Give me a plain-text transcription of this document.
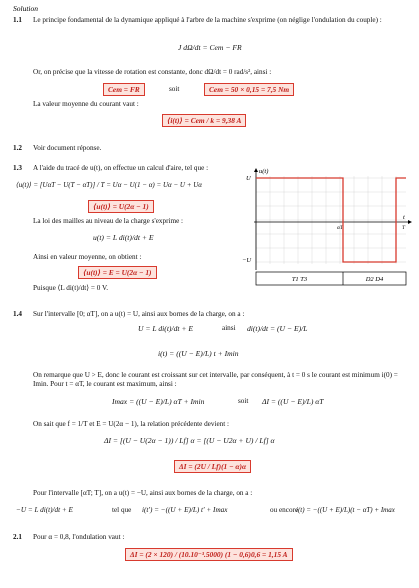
Solution
1.1 Le principe fondamental de la dynamique appliqué à l'arbre de la machine s'exprime (on néglige l'ondulation du couple) :
J dΩ/dt = Cem − FR
Or, on précise que la vitesse de rotation est constante, donc dΩ/dt = 0 rad/s², ainsi :
Cem = FR	soit	Cem = 50 × 0,15 = 7,5 Nm
La valeur moyenne du courant vaut :
⟨i(t)⟩ = Cem / k = 9,38 A
1.2 Voir document réponse.
1.3 A l'aide du tracé de u(t), on effectue un calcul d'aire, tel que :
⟨u(t)⟩ = [UαT − U(T − αT)] / T = Uα − U(1 − α) = Uα − U + Uα
⟨u(t)⟩ = U(2α − 1)
La loi des mailles au niveau de la charge s'exprime :
u(t) = L di(t)/dt + E
Ainsi en valeur moyenne, on obtient :
⟨u(t)⟩ = E = U(2α − 1)
Puisque ⟨L di(t)/dt⟩ = 0 V.
u(t)
U
−U
t
αT	T
T1 T3	D2 D4
1.4 Sur l'intervalle [0; αT], on a u(t) = U, ainsi aux bornes de la charge, on a :
U = L di(t)/dt + E	ainsi di(t)/dt = (U − E)/L
i(t) = ((U − E)/L) t + Imin
On remarque que U > E, donc le courant est croissant sur cet intervalle, par conséquent, à t = 0 s le courant est minimum i(0) = Imin. Pour t = αT, le courant est maximum, ainsi :
Imax = ((U − E)/L) αT + Imin	soit ΔI = ((U − E)/L) αT
On sait que f = 1/T et E = U(2α − 1), la relation précédente devient :
ΔI = [(U − U(2α − 1)) / Lf] α = [(U − U2α + U) / Lf] α
ΔI = (2U / Lf)(1 − α)α
Pour l'intervalle [αT; T], on a u(t) = −U, ainsi aux bornes de la charge, on a :
−U = L di(t)/dt + E	tel que i(t′) = −((U + E)/L) t′ + Imax	ou encore
i(t) = −((U + E)/L)(t − αT) + Imax
2.1 Pour α = 0,8, l'ondulation vaut :
ΔI = (2 × 120) / (10.10⁻³.5000) (1 − 0,6)0,6 = 1,15 A
